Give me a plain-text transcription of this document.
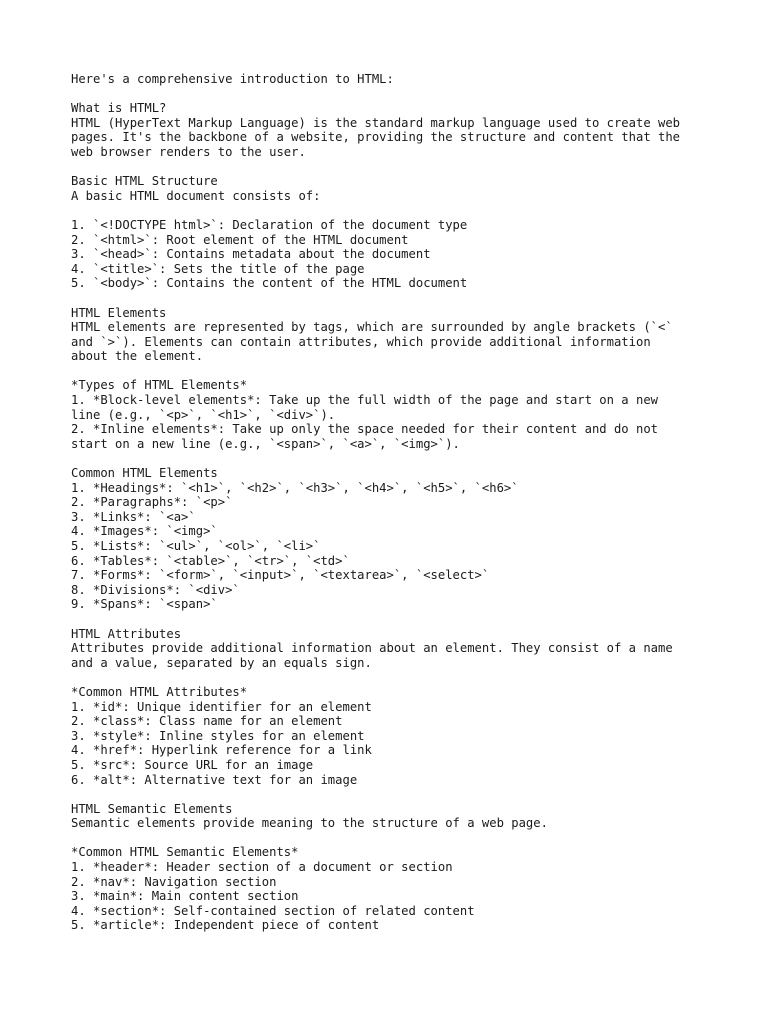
Here's a comprehensive introduction to HTML:
What is HTML?
HTML (HyperText Markup Language) is the standard markup language used to create web
pages. It's the backbone of a website, providing the structure and content that the
web browser renders to the user.
Basic HTML Structure
A basic HTML document consists of:
1. `<!DOCTYPE html>`: Declaration of the document type
2. `<html>`: Root element of the HTML document
3. `<head>`: Contains metadata about the document
4. `<title>`: Sets the title of the page
5. `<body>`: Contains the content of the HTML document
HTML Elements
HTML elements are represented by tags, which are surrounded by angle brackets (`<`
and `>`). Elements can contain attributes, which provide additional information
about the element.
*Types of HTML Elements*
1. *Block-level elements*: Take up the full width of the page and start on a new
line (e.g., `<p>`, `<h1>`, `<div>`).
2. *Inline elements*: Take up only the space needed for their content and do not
start on a new line (e.g., `<span>`, `<a>`, `<img>`).
Common HTML Elements
1. *Headings*: `<h1>`, `<h2>`, `<h3>`, `<h4>`, `<h5>`, `<h6>`
2. *Paragraphs*: `<p>`
3. *Links*: `<a>`
4. *Images*: `<img>`
5. *Lists*: `<ul>`, `<ol>`, `<li>`
6. *Tables*: `<table>`, `<tr>`, `<td>`
7. *Forms*: `<form>`, `<input>`, `<textarea>`, `<select>`
8. *Divisions*: `<div>`
9. *Spans*: `<span>`
HTML Attributes
Attributes provide additional information about an element. They consist of a name
and a value, separated by an equals sign.
*Common HTML Attributes*
1. *id*: Unique identifier for an element
2. *class*: Class name for an element
3. *style*: Inline styles for an element
4. *href*: Hyperlink reference for a link
5. *src*: Source URL for an image
6. *alt*: Alternative text for an image
HTML Semantic Elements
Semantic elements provide meaning to the structure of a web page.
*Common HTML Semantic Elements*
1. *header*: Header section of a document or section
2. *nav*: Navigation section
3. *main*: Main content section
4. *section*: Self-contained section of related content
5. *article*: Independent piece of content
